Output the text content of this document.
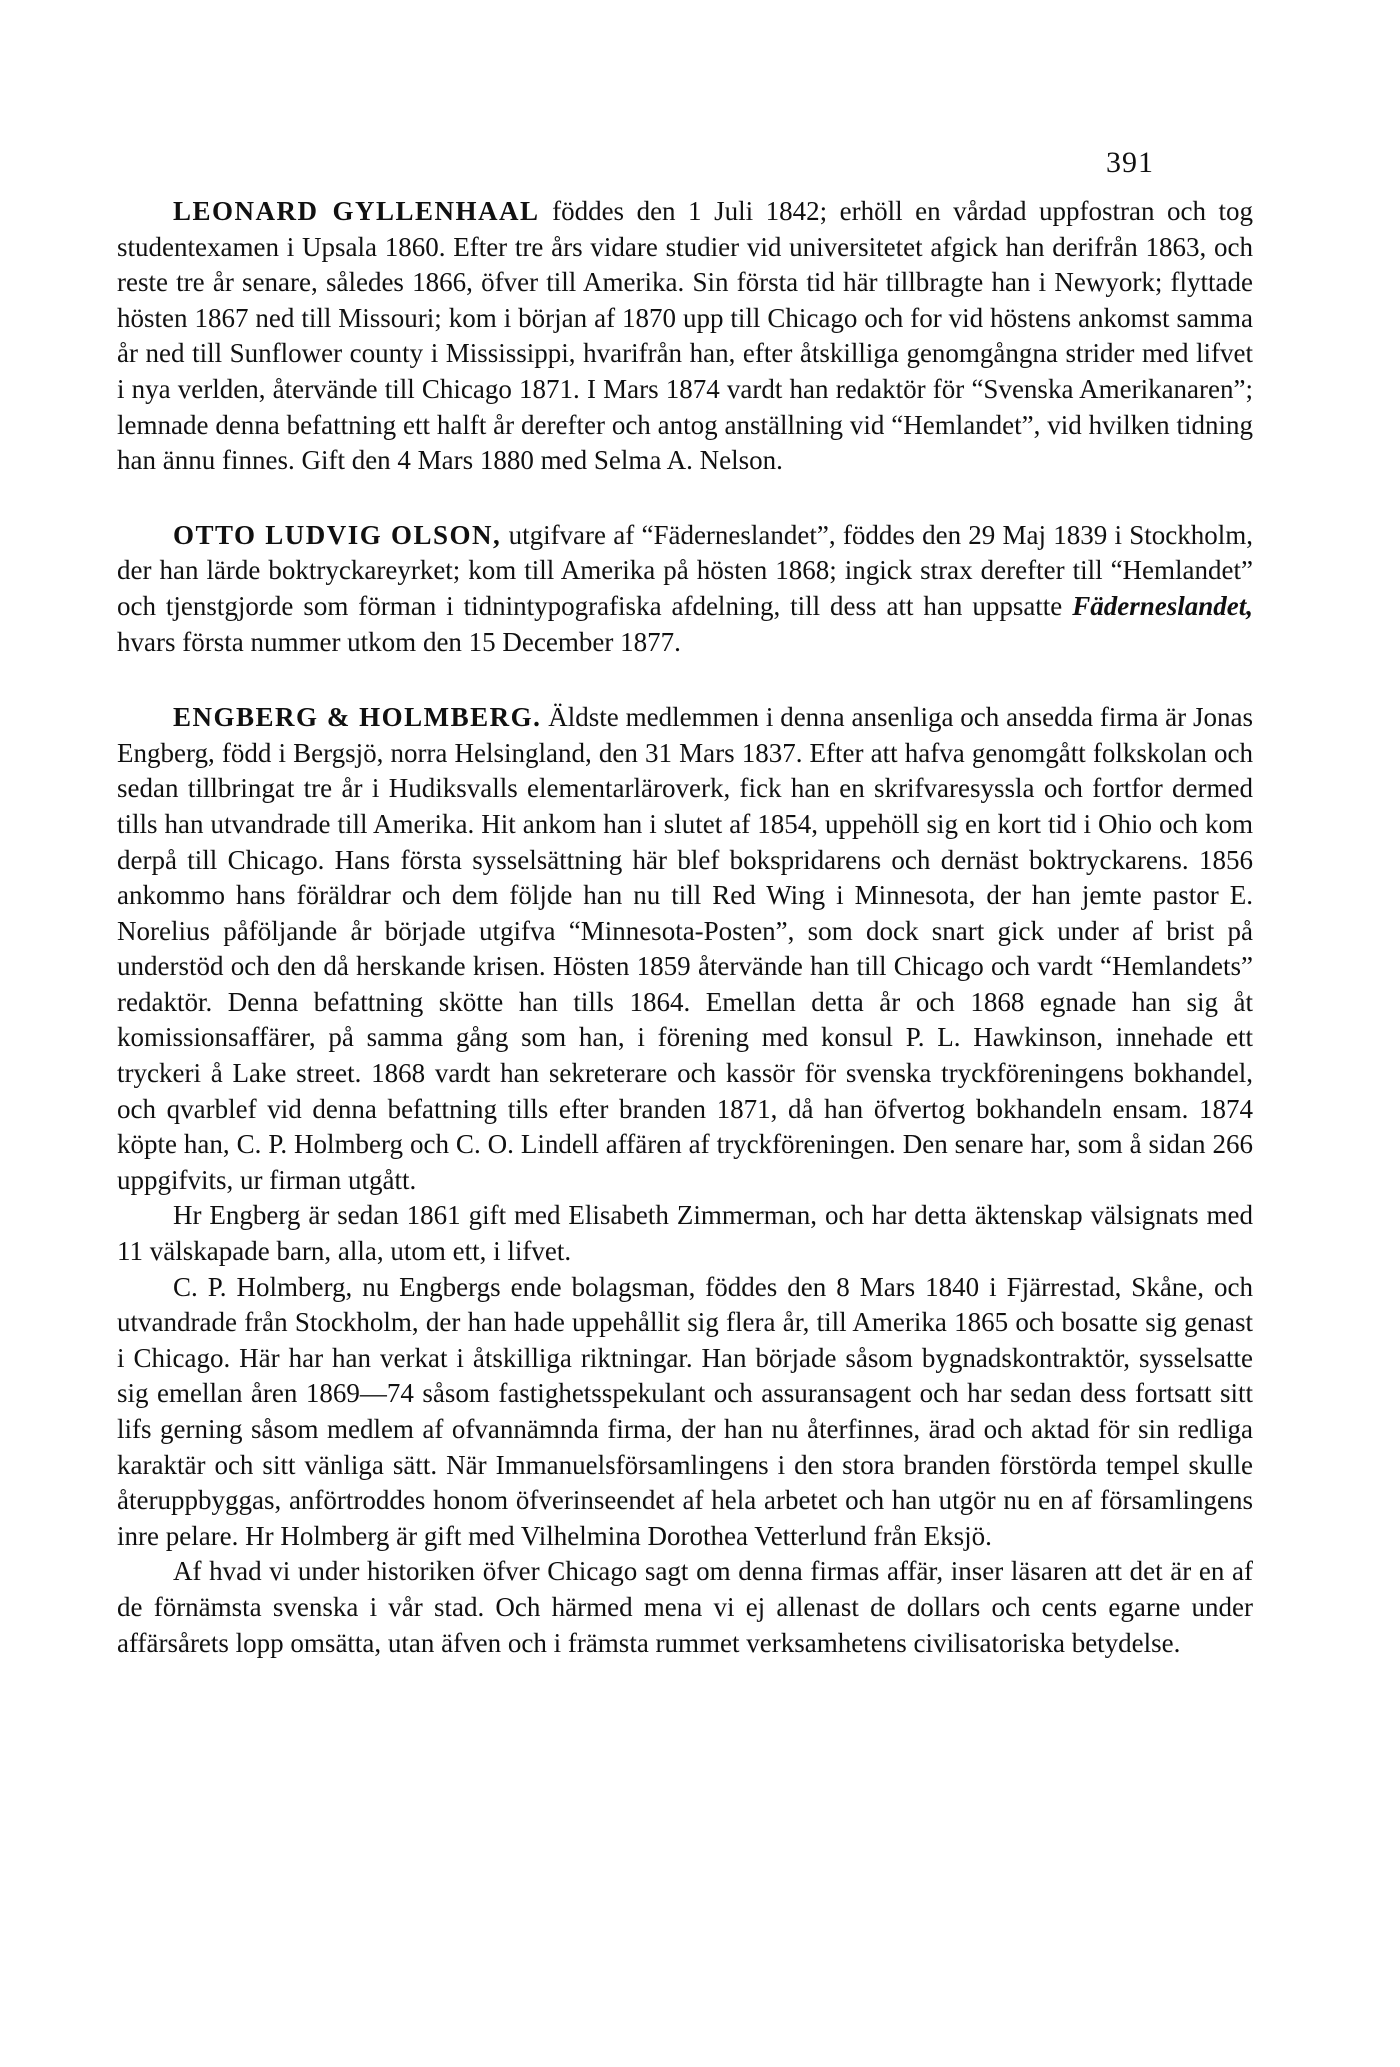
391

LEONARD GYLLENHAAL föddes den 1 Juli 1842; erhöll en vårdad uppfostran och tog studentexamen i Upsala 1860. Efter tre års vidare studier vid universitetet afgick han derifrån 1863, och reste tre år senare, således 1866, öfver till Amerika. Sin första tid här tillbragte han i Newyork; flyttade hösten 1867 ned till Missouri; kom i början af 1870 upp till Chicago och for vid höstens ankomst samma år ned till Sunflower county i Mississippi, hvarifrån han, efter åtskilliga genomgångna strider med lifvet i nya verlden, återvände till Chicago 1871. I Mars 1874 vardt han redaktör för “Svenska Amerikanaren”; lemnade denna befattning ett halft år derefter och antog anställning vid “Hemlandet”, vid hvilken tidning han ännu finnes. Gift den 4 Mars 1880 med Selma A. Nelson.

OTTO LUDVIG OLSON, utgifvare af “Fäderneslandet”, föddes den 29 Maj 1839 i Stockholm, der han lärde boktryckareyrket; kom till Amerika på hösten 1868; ingick strax derefter till “Hemlandet” och tjenstgjorde som förman i tidnintypografiska afdelning, till dess att han uppsatte Fäderneslandet, hvars första nummer utkom den 15 December 1877.

ENGBERG & HOLMBERG. Äldste medlemmen i denna ansenliga och ansedda firma är Jonas Engberg, född i Bergsjö, norra Helsingland, den 31 Mars 1837. Efter att hafva genomgått folkskolan och sedan tillbringat tre år i Hudiksvalls elementarläroverk, fick han en skrifvaresyssla och fortfor dermed tills han utvandrade till Amerika. Hit ankom han i slutet af 1854, uppehöll sig en kort tid i Ohio och kom derpå till Chicago. Hans första sysselsättning här blef bokspridarens och dernäst boktryckarens. 1856 ankommo hans föräldrar och dem följde han nu till Red Wing i Minnesota, der han jemte pastor E. Norelius påföljande år började utgifva “Minnesota-Posten”, som dock snart gick under af brist på understöd och den då herskande krisen. Hösten 1859 återvände han till Chicago och vardt “Hemlandets” redaktör. Denna befattning skötte han tills 1864. Emellan detta år och 1868 egnade han sig åt komissionsaffärer, på samma gång som han, i förening med konsul P. L. Hawkinson, innehade ett tryckeri å Lake street. 1868 vardt han sekreterare och kassör för svenska tryckföreningens bokhandel, och qvarblef vid denna befattning tills efter branden 1871, då han öfvertog bokhandeln ensam. 1874 köpte han, C. P. Holmberg och C. O. Lindell affären af tryckföreningen. Den senare har, som å sidan 266 uppgifvits, ur firman utgått.

Hr Engberg är sedan 1861 gift med Elisabeth Zimmerman, och har detta äktenskap välsignats med 11 välskapade barn, alla, utom ett, i lifvet.

C. P. Holmberg, nu Engbergs ende bolagsman, föddes den 8 Mars 1840 i Fjärrestad, Skåne, och utvandrade från Stockholm, der han hade uppehållit sig flera år, till Amerika 1865 och bosatte sig genast i Chicago. Här har han verkat i åtskilliga riktningar. Han började såsom bygnadskontraktör, sysselsatte sig emellan åren 1869—74 såsom fastighetsspekulant och assuransagent och har sedan dess fortsatt sitt lifs gerning såsom medlem af ofvannämnda firma, der han nu återfinnes, ärad och aktad för sin redliga karaktär och sitt vänliga sätt. När Immanuelsförsamlingens i den stora branden förstörda tempel skulle återuppbyggas, anförtroddes honom öfverinseendet af hela arbetet och han utgör nu en af församlingens inre pelare. Hr Holmberg är gift med Vilhelmina Dorothea Vetterlund från Eksjö.

Af hvad vi under historiken öfver Chicago sagt om denna firmas affär, inser läsaren att det är en af de förnämsta svenska i vår stad. Och härmed mena vi ej allenast de dollars och cents egarne under affärsårets lopp omsätta, utan äfven och i främsta rummet verksamhetens civilisatoriska betydelse.
